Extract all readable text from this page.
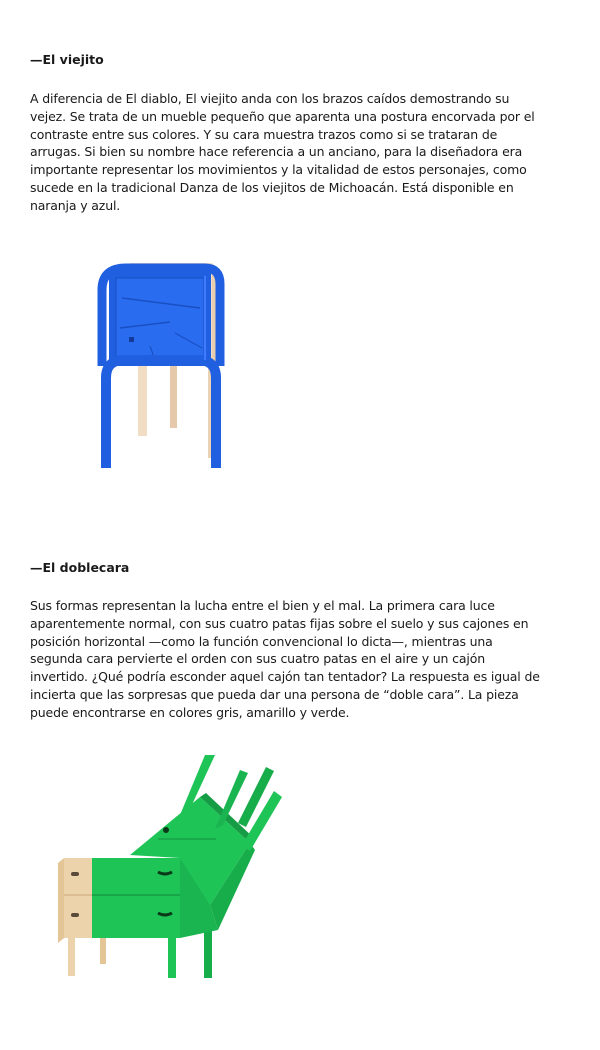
—El viejito

A diferencia de El diablo, El viejito anda con los brazos caídos demostrando su vejez. Se trata de un mueble pequeño que aparenta una postura encorvada por el contraste entre sus colores. Y su cara muestra trazos como si se trataran de arrugas. Si bien su nombre hace referencia a un anciano, para la diseñadora era importante representar los movimientos y la vitalidad de estos personajes, como sucede en la tradicional Danza de los viejitos de Michoacán. Está disponible en naranja y azul.

—El doblecara

Sus formas representan la lucha entre el bien y el mal. La primera cara luce aparentemente normal, con sus cuatro patas fijas sobre el suelo y sus cajones en posición horizontal —como la función convencional lo dicta—, mientras una segunda cara pervierte el orden con sus cuatro patas en el aire y un cajón invertido. ¿Qué podría esconder aquel cajón tan tentador? La respuesta es igual de incierta que las sorpresas que pueda dar una persona de “doble cara”. La pieza puede encontrarse en colores gris, amarillo y verde.
